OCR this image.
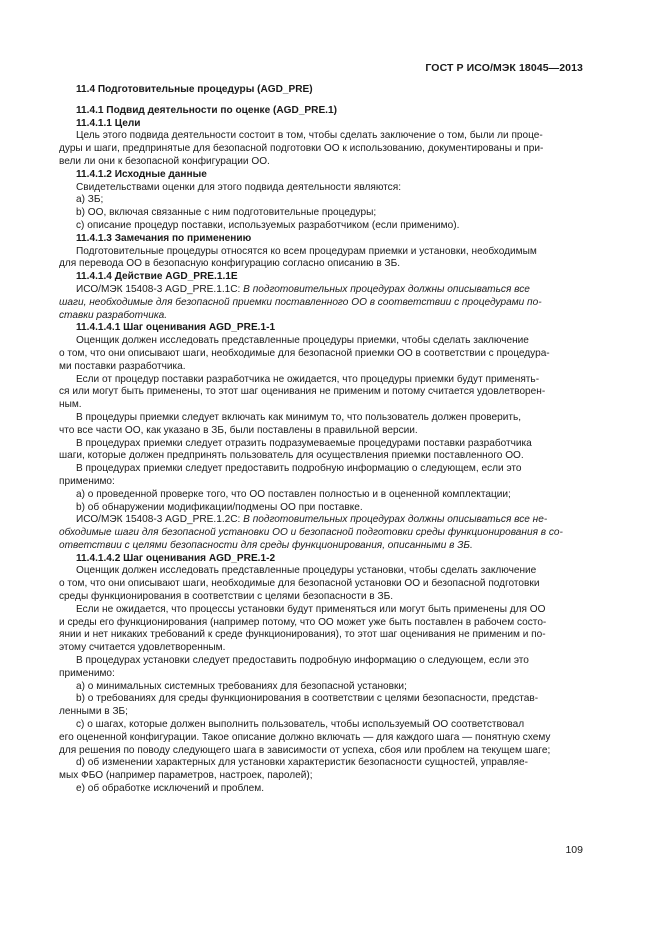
ГОСТ Р ИСО/МЭК 18045—2013
11.4 Подготовительные процедуры (AGD_PRE)
11.4.1 Подвид деятельности по оценке (AGD_PRE.1)
11.4.1.1 Цели
Цель этого подвида деятельности состоит в том, чтобы сделать заключение о том, были ли проце-
дуры и шаги, предпринятые для безопасной подготовки ОО к использованию, документированы и при-
вели ли они к безопасной конфигурации ОО.
11.4.1.2 Исходные данные
Свидетельствами оценки для этого подвида деятельности являются:
a) ЗБ;
b) ОО, включая связанные с ним подготовительные процедуры;
c) описание процедур поставки, используемых разработчиком (если применимо).
11.4.1.3 Замечания по применению
Подготовительные процедуры относятся ко всем процедурам приемки и установки, необходимым
для перевода ОО в безопасную конфигурацию согласно описанию в ЗБ.
11.4.1.4 Действие AGD_PRE.1.1E
ИСО/МЭК 15408-3 AGD_PRE.1.1С: В подготовительных процедурах должны описываться все
шаги, необходимые для безопасной приемки поставленного ОО в соответствии с процедурами по-
ставки разработчика.
11.4.1.4.1 Шаг оценивания AGD_PRE.1-1
Оценщик должен исследовать представленные процедуры приемки, чтобы сделать заключение
о том, что они описывают шаги, необходимые для безопасной приемки ОО в соответствии с процедура-
ми поставки разработчика.
Если от процедур поставки разработчика не ожидается, что процедуры приемки будут применять-
ся или могут быть применены, то этот шаг оценивания не применим и потому считается удовлетворен-
ным.
В процедуры приемки следует включать как минимум то, что пользователь должен проверить,
что все части ОО, как указано в ЗБ, были поставлены в правильной версии.
В процедурах приемки следует отразить подразумеваемые процедурами поставки разработчика
шаги, которые должен предпринять пользователь для осуществления приемки поставленного ОО.
В процедурах приемки следует предоставить подробную информацию о следующем, если это
применимо:
a) о проведенной проверке того, что ОО поставлен полностью и в оцененной комплектации;
b) об обнаружении модификации/подмены ОО при поставке.
ИСО/МЭК 15408-3 AGD_PRE.1.2С: В подготовительных процедурах должны описываться все не-
обходимые шаги для безопасной установки ОО и безопасной подготовки среды функционирования в со-
ответствии с целями безопасности для среды функционирования, описанными в ЗБ.
11.4.1.4.2 Шаг оценивания AGD_PRE.1-2
Оценщик должен исследовать представленные процедуры установки, чтобы сделать заключение
о том, что они описывают шаги, необходимые для безопасной установки ОО и безопасной подготовки
среды функционирования в соответствии с целями безопасности в ЗБ.
Если не ожидается, что процессы установки будут применяться или могут быть применены для ОО
и среды его функционирования (например потому, что ОО может уже быть поставлен в рабочем состо-
янии и нет никаких требований к среде функционирования), то этот шаг оценивания не применим и по-
этому считается удовлетворенным.
В процедурах установки следует предоставить подробную информацию о следующем, если это
применимо:
a) о минимальных системных требованиях для безопасной установки;
b) о требованиях для среды функционирования в соответствии с целями безопасности, представ-
ленными в ЗБ;
c) о шагах, которые должен выполнить пользователь, чтобы используемый ОО соответствовал
его оцененной конфигурации. Такое описание должно включать — для каждого шага — понятную схему
для решения по поводу следующего шага в зависимости от успеха, сбоя или проблем на текущем шаге;
d) об изменении характерных для установки характеристик безопасности сущностей, управляе-
мых ФБО (например параметров, настроек, паролей);
e) об обработке исключений и проблем.
109
